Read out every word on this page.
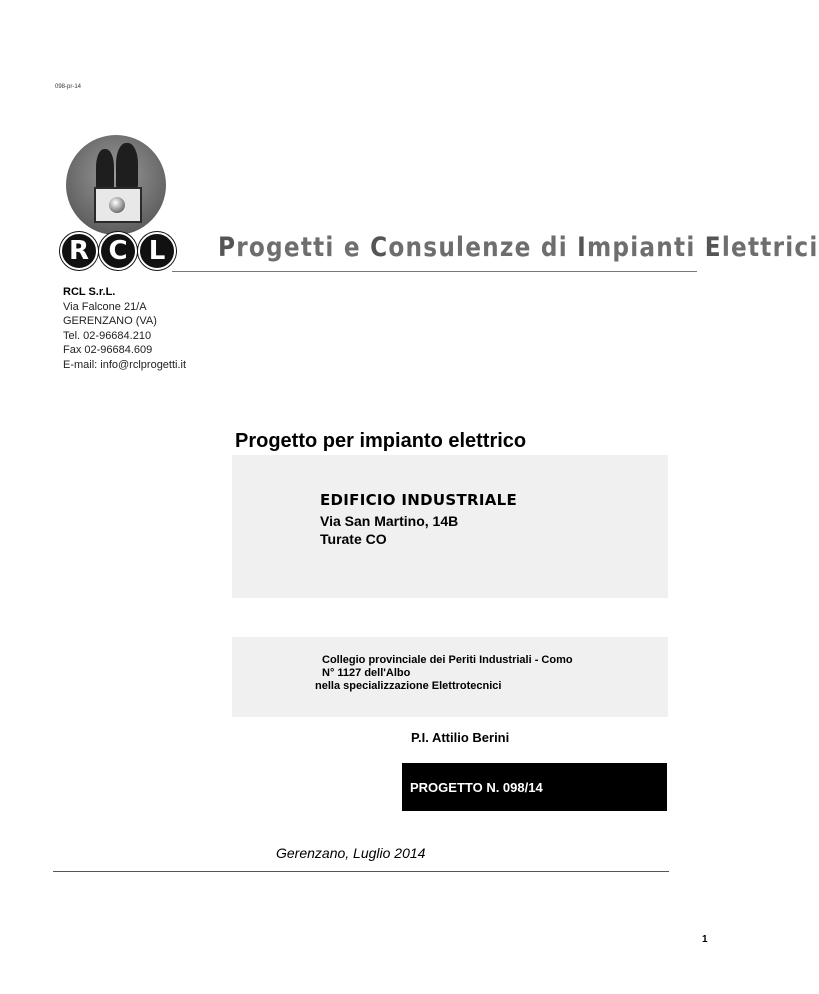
098-pr-14
R C L	Progetti e Consulenze di Impianti Elettrici
RCL S.r.L.
Via Falcone 21/A
GERENZANO (VA)
Tel. 02-96684.210
Fax 02-96684.609
E-mail: info@rclprogetti.it
Progetto per impianto elettrico
EDIFICIO INDUSTRIALE
Via San Martino, 14B
Turate CO
Collegio provinciale dei Periti Industriali - Como
N° 1127 dell'Albo
nella specializzazione Elettrotecnici
P.I. Attilio Berini
PROGETTO N. 098/14
Gerenzano, Luglio 2014
1
